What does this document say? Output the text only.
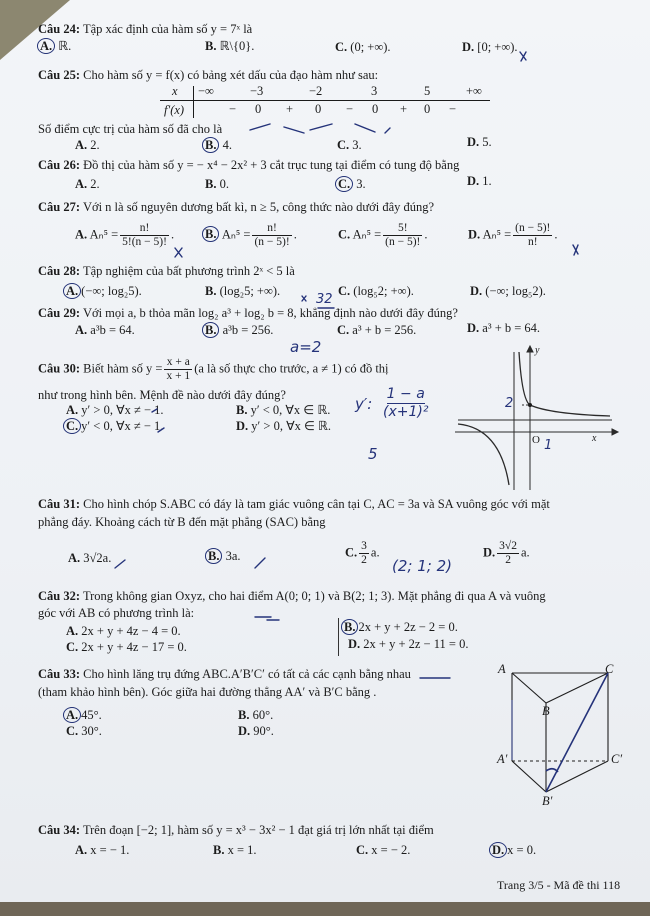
Câu 24: Tập xác định của hàm số y = 7ˣ là
A. ℝ.	B. ℝ\{0}.	C. (0; +∞).	D. [0; +∞).
Câu 25: Cho hàm số y = f(x) có bảng xét dấu của đạo hàm như sau:
x −∞	−3	−2	3	5	+∞
f′(x)	− 0 + 0 − 0 + 0 −
Số điểm cực trị của hàm số đã cho là
A. 2.	B. 4.	C. 3.	D. 5.
Câu 26: Đồ thị của hàm số y = − x⁴ − 2x² + 3 cắt trục tung tại điểm có tung độ bằng
A. 2.	B. 0.	C. 3.	D. 1.
Câu 27: Với n là số nguyên dương bất kì, n ≥ 5, công thức nào dưới đây đúng?
A. $A_n^5 = \frac{n!}{5!(n - 5)!}$ . B. $A_n^5 = \frac{n!}{(n - 5)!}$ .	C. $A_n^5 = \frac{5!}{(n - 5)!}$ .	D. $A_n^5 = \frac{(n - 5)!}{n!}$ .
Câu 28: Tập nghiệm của bất phương trình 2ˣ < 5 là
A. (−∞; log₂5).	B. (log₂5; +∞).	C. (log₅2; +∞).	D. (−∞; log₅2).
Câu 29: Với mọi a, b thỏa mãn log₂ a³ + log₂ b = 8, khẳng định nào dưới đây đúng?
A. a³b = 64.	B. a³b = 256.	C. a³ + b = 256.	D. a³ + b = 64.
Câu 30: Biết hàm số $y = \frac{x + a}{x + 1} (a$ là số thực cho trước, a ≠ 1) có đồ thị
như trong hình bên. Mệnh đề nào dưới đây đúng?
A. y′ > 0, ∀x ≠ − 1.	B. y′ < 0, ∀x ∈ ℝ.
C. y′ < 0, ∀x ≠ − 1.	D. y′ > 0, ∀x ∈ ℝ.
y
x
O
2
Câu 31: Cho hình chóp S.ABC có đáy là tam giác vuông cân tại C, AC = 3a và SA vuông góc với mặt
phẳng đáy. Khoảng cách từ B đến mặt phẳng (SAC) bằng
A. 3√2a.	B. 3a.	C. $\frac{3}{2} a$.	D. $\frac{3√2}{2} a$.
Câu 32: Trong không gian Oxyz, cho hai điểm A(0; 0; 1) và B(2; 1; 3). Mặt phẳng đi qua A và vuông
góc với AB có phương trình là:
A. 2x + y + 4z − 4 = 0.	B. 2x + y + 2z − 2 = 0.
C. 2x + y + 4z − 17 = 0.	D. 2x + y + 2z − 11 = 0.
Câu 33: Cho hình lăng trụ đứng ABC.A′B′C′ có tất cả các cạnh bằng nhau
(tham khảo hình bên). Góc giữa hai đường thẳng AA′ và B′C bằng .
A. 45°.	B. 60°.
C. 30°.	D. 90°.
A	C
B
A′	C′
B′
Câu 34: Trên đoạn [−2; 1], hàm số y = x³ − 3x² − 1 đạt giá trị lớn nhất tại điểm
A. x = − 1.	B. x = 1.	C. x = − 2.	D. x = 0.
Trang 3/5 - Mã đề thi 118
a=2
y′: $\frac{1 - a}{\text{(x+1)²}}$
5
32
(2; 1; 2)
1
